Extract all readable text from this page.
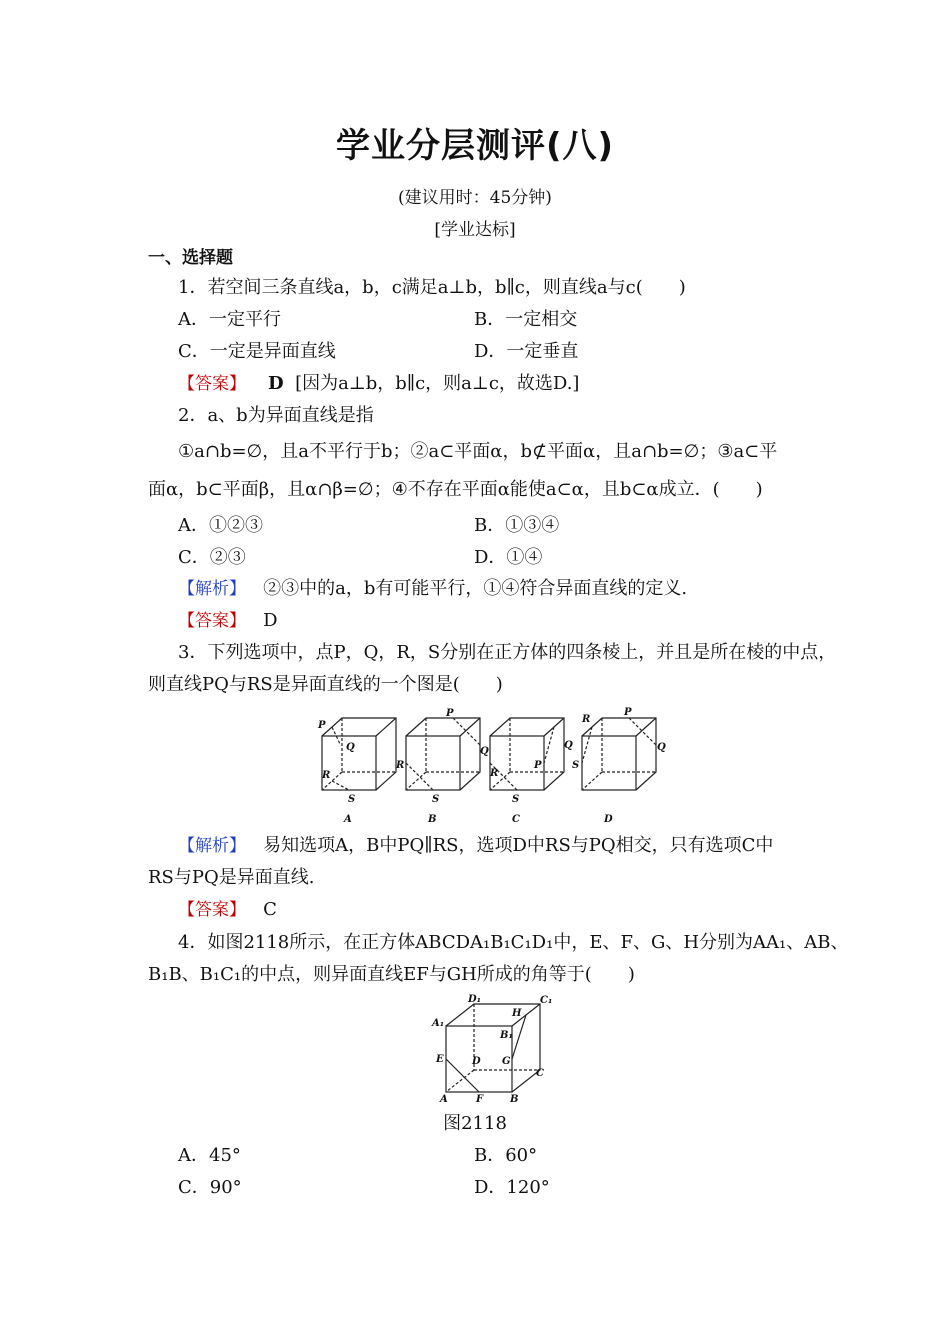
学业分层测评(八)
(建议用时：45分钟)
[学业达标]
一、选择题
1．若空间三条直线a，b，c满足a⊥b，b∥c，则直线a与c(　　)
A．一定平行	B．一定相交
C．一定是异面直线	D．一定垂直
【答案】 D [因为a⊥b，b∥c，则a⊥c，故选D.]
2．a、b为异面直线是指
①a∩b=∅，且a不平行于b；②a⊂平面α，b⊄平面α，且a∩b=∅；③a⊂平
面α，b⊂平面β，且α∩β=∅；④不存在平面α能使a⊂α，且b⊂α成立．(　　)
A．①②③	B．①③④
C．②③	D．①④
【解析】 ②③中的a，b有可能平行，①④符合异面直线的定义.
【答案】 D
3．下列选项中，点P，Q，R，S分别在正方体的四条棱上，并且是所在棱的中点，
则直线PQ与RS是异面直线的一个图是(　　)
P
Q
R
S
P
Q
R
S
Q
P
R
S
R
P
Q
S
A	B	C	D
【解析】 易知选项A，B中PQ∥RS，选项D中RS与PQ相交，只有选项C中
RS与PQ是异面直线.
【答案】 C
4．如图2118所示，在正方体ABCDA₁B₁C₁D₁中，E、F、G、H分别为AA₁、AB、
B₁B、B₁C₁的中点，则异面直线EF与GH所成的角等于(　　)
D₁	C₁
A₁
H
B₁
E	D G
C
A	F	B
图2118
A．45°	B．60°
C．90°	D．120°
